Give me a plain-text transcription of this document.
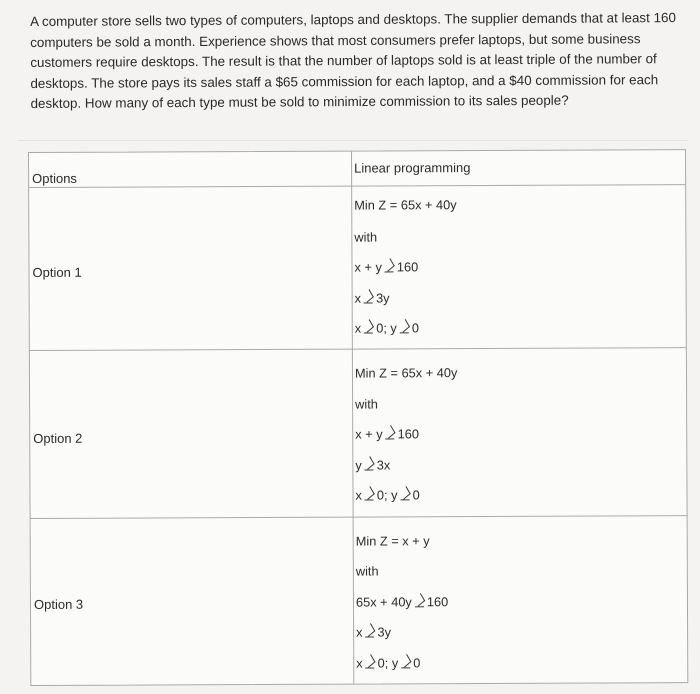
A computer store sells two types of computers, laptops and desktops. The supplier demands that at least 160
computers be sold a month. Experience shows that most consumers prefer laptops, but some business
customers require desktops. The result is that the number of laptops sold is at least triple of the number of
desktops. The store pays its sales staff a $65 commission for each laptop, and a $40 commission for each
desktop. How many of each type must be sold to minimize commission to its sales people?
Options
Linear programming
Option 1
Min Z = 65x + 40y
with
x + y 160
x 3y
x 0; y 0
Option 2
Min Z = 65x + 40y
with
x + y 160
y 3x
x 0; y 0
Option 3
Min Z = x + y
with
65x + 40y 160
x 3y
x 0; y 0
